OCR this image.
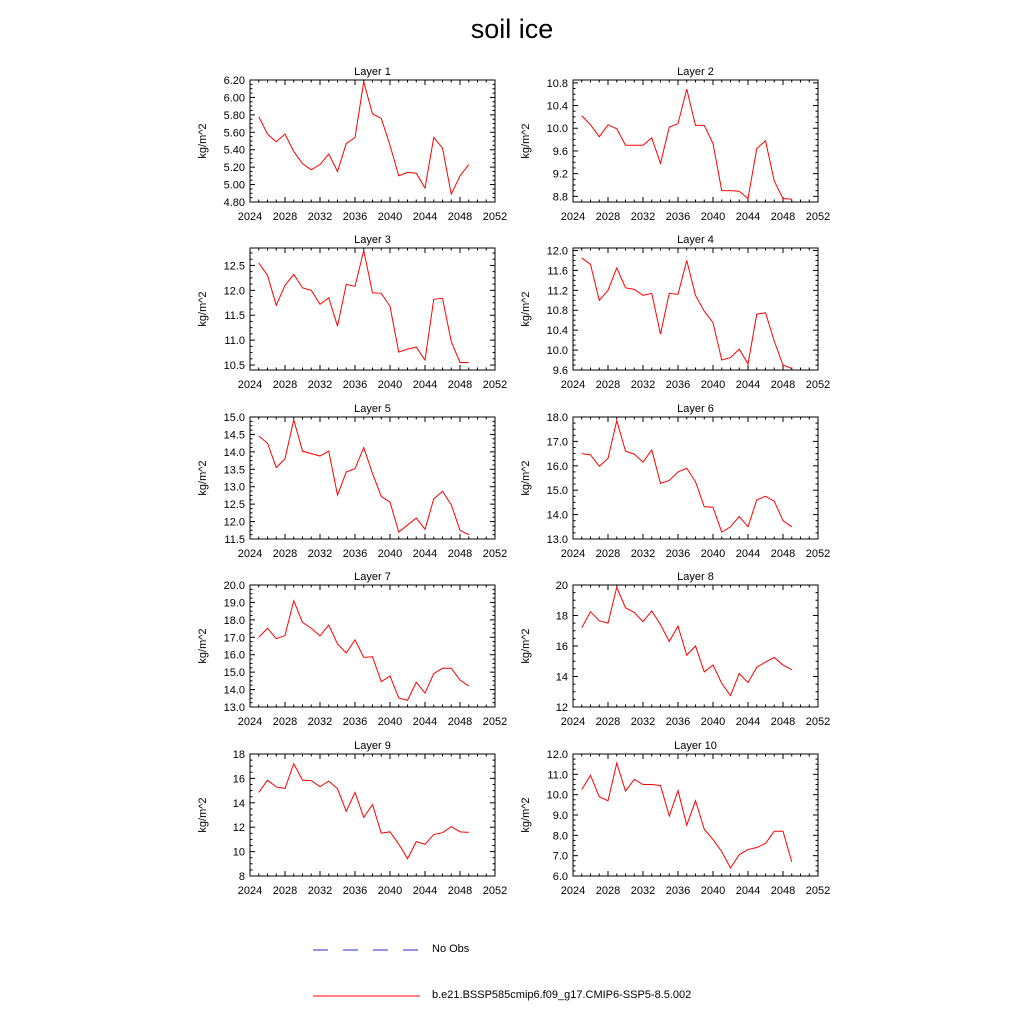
soil ice
Layer 1
kg/m^2
2024 2028 2032 2036 2040 2044 2048 2052
4.80
5.00
5.20
5.40
5.60
5.80
6.00
6.20
Layer 2
kg/m^2
2024 2028 2032 2036 2040 2044 2048 2052
8.8
9.2
9.6
10.0
10.4
10.8
Layer 3
kg/m^2
2024 2028 2032 2036 2040 2044 2048 2052
10.5
11.0
11.5
12.0
12.5
Layer 4
kg/m^2
2024 2028 2032 2036 2040 2044 2048 2052
9.6
10.0
10.4
10.8
11.2
11.6
12.0
Layer 5
kg/m^2
2024 2028 2032 2036 2040 2044 2048 2052
11.5
12.0
12.5
13.0
13.5
14.0
14.5
15.0
Layer 6
kg/m^2
2024 2028 2032 2036 2040 2044 2048 2052
13.0
14.0
15.0
16.0
17.0
18.0
Layer 7
kg/m^2
2024 2028 2032 2036 2040 2044 2048 2052
13.0
14.0
15.0
16.0
17.0
18.0
19.0
20.0
Layer 8
kg/m^2
2024 2028 2032 2036 2040 2044 2048 2052
12
14
16
18
20
Layer 9
kg/m^2
2024 2028 2032 2036 2040 2044 2048 2052
8
10
12
14
16
18
Layer 10
kg/m^2
2024 2028 2032 2036 2040 2044 2048 2052
6.0
7.0
8.0
9.0
10.0
11.0
12.0
No Obs
b.e21.BSSP585cmip6.f09_g17.CMIP6-SSP5-8.5.002
